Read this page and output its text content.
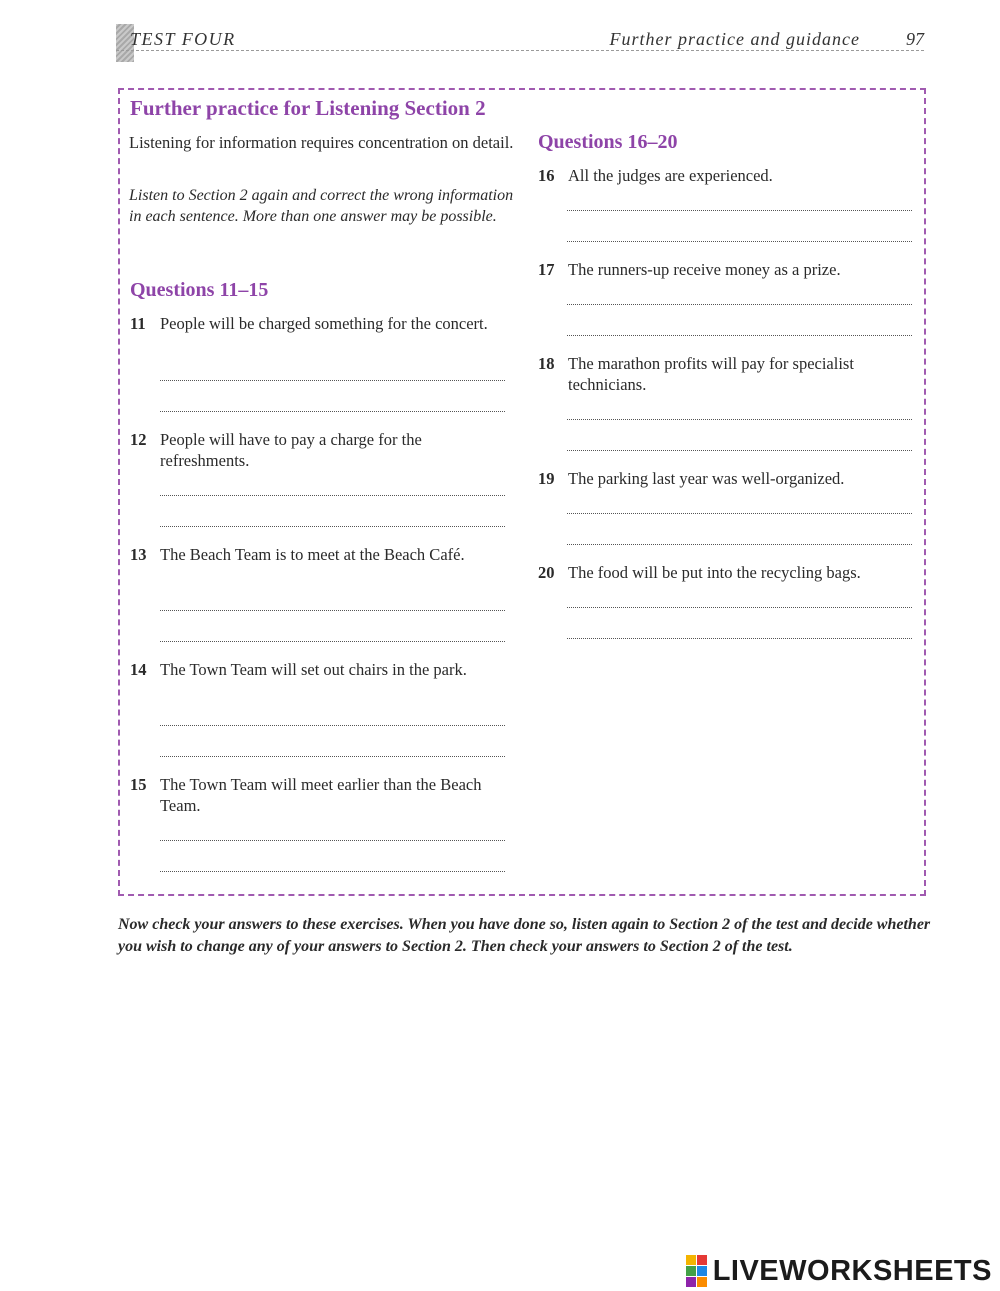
TEST FOUR	Further practice and guidance	97
Further practice for Listening Section 2
Listening for information requires concentration on detail.
Listen to Section 2 again and correct the wrong information in each sentence. More than one answer may be possible.
Questions 11–15
11 People will be charged something for the concert.
12 People will have to pay a charge for the refreshments.
13 The Beach Team is to meet at the Beach Café.
14 The Town Team will set out chairs in the park.
15 The Town Team will meet earlier than the Beach Team.
Questions 16–20
16 All the judges are experienced.
17 The runners-up receive money as a prize.
18 The marathon profits will pay for specialist technicians.
19 The parking last year was well-organized.
20 The food will be put into the recycling bags.
Now check your answers to these exercises. When you have done so, listen again to Section 2 of the test and decide whether you wish to change any of your answers to Section 2. Then check your answers to Section 2 of the test.
LIVEWORKSHEETS
